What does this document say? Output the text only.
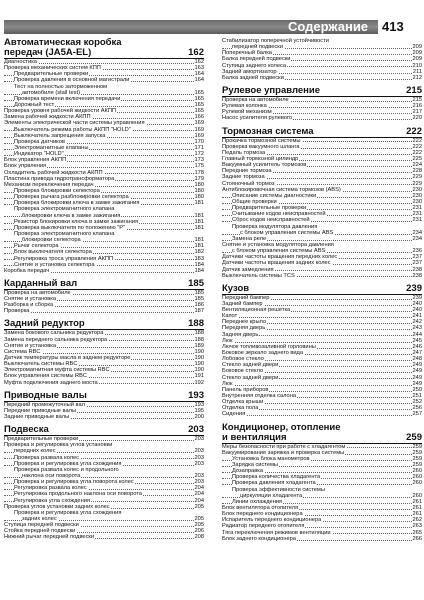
Содержание 413
Автоматическая коробка
передач (JA5A-EL)	162
Диагностика	162
Проверка механических систем КПП	163
Предварительные проверки	164
Проверка давления в основной магистрали	164
Тест на полностью заторможенном
автомобиле (stall test)	165
Проверка времени включения передачи	165
Дорожный тест	165
Проверка уровня рабочей жидкости АКПП	165
Замена рабочей жидкости АКПП	166
Элементы электрической части системы управления	169
Выключатель режима работы АКПП "HOLD"	169
Выключатель запрещения запуска	169
Проверка датчиков	170
Электромагнитные клапаны	171
Индикатор "HOLD"	172
Блок управления АКПП	173
Блок упрвления	175
Охладитель рабочей жидкости АКПП	178
Пластина привода гидротрансформатора	179
Механизм переключения передач	180
Проверка блокировки селектора	180
Проверка рычага разблокировки селектора	180
Проверка блокировки ключа в замке зажигания	181
Проверка электромагнитного клапана
блокировки ключа в замке зажигания	181
Резистор блокировки ключа в замке зажигания	181
Проверка выключателя по положению "P"	181
Проверка электромагнитного клапана
блокировки селектора	181
Рычаг селектора	181
Блок выключателя селектора	182
Регулировка троса управления АКПП	183
Снятие и установка селектора	184
Коробка передач	184
Карданный вал	185
Проверка на автомобиле	185
Снятие и установка	185
Разборка и сборка	186
Проверка	187
Задний редуктор	188
Замена бокового сальника редуктора	188
Замена переднего сальника редуктора	188
Снятие и установка	189
Система RBC	190
Датчик температуры масла в заднем редукторе	190
Выключатель системы RBC	190
Электромагнитная муфта системы RBC	190
Блок управления системы RBC	191
Муфта подключения заднего моста	192
Приводные валы	193
Передний промежуточный вал	193
Передние приводные валы	195
Задние приводные валы	200
Подвеска	203
Предварительные проверки	203
Проверка и регулировка углов установки
передних колес	203
Проверка развала колес	203
Проверка и регулировка угла схождения	203
Проверка развала колес и продольного
наклона оси поворота	203
Проверка и регулировка угла поворота колес	203
Регулировка развала колес	204
Регулировка продольного наклона оси поворота	204
Регулировка угла схождения	204
Проверка углов установки задних колес	205
Проверка и регулировка угла схождения
задних колес	205
Ступица передней подвески	205
Стойка передней подвески	206
Нижний рычаг передней подвески	208
Стабилизатор поперечной устойчивости
передней подвески	209
Поперечный балка	209
Балка передней подвески	209
Ступица заднего колеса	210
Задний амортизатор	211
Балка задней подвески	212
Рулевое управление	215
Проверка на автомобиле	215
Рулевая колонка	216
Рулевой механизм	217
Насос усилителя рулевого	220
Тормозная система	222
Прокачка тормозной системы	222
Проверка вакуумного шланга	222
Педаль тормоза	222
Главный тормозной цилиндр	225
Вакуумный усилитель тормозов	224
Передние тормоза	228
Задние тормоза	229
Стояночный тормоз	229
Антиблокировочная система тормозов (ABS)	230
Описание системы диагностики	230
Общие проверки	230
Предварительные проверки	231
Считывание кодов неисправностей	231
Сброс кодов неисправностей	231
Проверка модулятора давления
с блоком управления системы ABS	234
Замена реле	234
Снятие и установка модулятора давления
с блоком управления системы ABS	236
Датчики частоты вращения передних колес	237
Датчики частоты вращения задних колес	237
Датчик замедления	238
Выключатель системы TCS	238
Кузов	239
Передний бампер	239
Задний бампер	240
Вентиляционная решетка	240
Капот	241
Переднее крыло	242
Передняя дверь	243
Задняя дверь	244
Люк	245
Лючок топливозаливной горловины	246
Боковое зеркало заднего вида	247
Лобовое стекло	248
Стекло задней двери	249
Боковое стекло	249
Стекло задней двери	249
Люк	249
Панель приборов	250
Внутренняя отделка салона	251
Отделка крыши	252
Отделка пола	256
Сидения	257
Кондиционер, отопление
и вентиляция	259
Меры безопасности при работе с хладагентом	259
Вакуумирование заряжка и проверка системы	259
Установка блока манометров	259
Зарядка системы	259
Дозаправка	260
Проверка количества хладагента	260
Проверка давления хладагента	260
Проверка эффективности системы
циркуляции хладагента	260
Линии охлаждения	261
Блок вентилятора отопителя	261
Блок переднего кондиционера	261
Испаритель переднего кондиционера	262
Радиатор переднего отопителя	263
Тяга переключения режимов вентиляции	265
Блок заднего кондиционера	266
